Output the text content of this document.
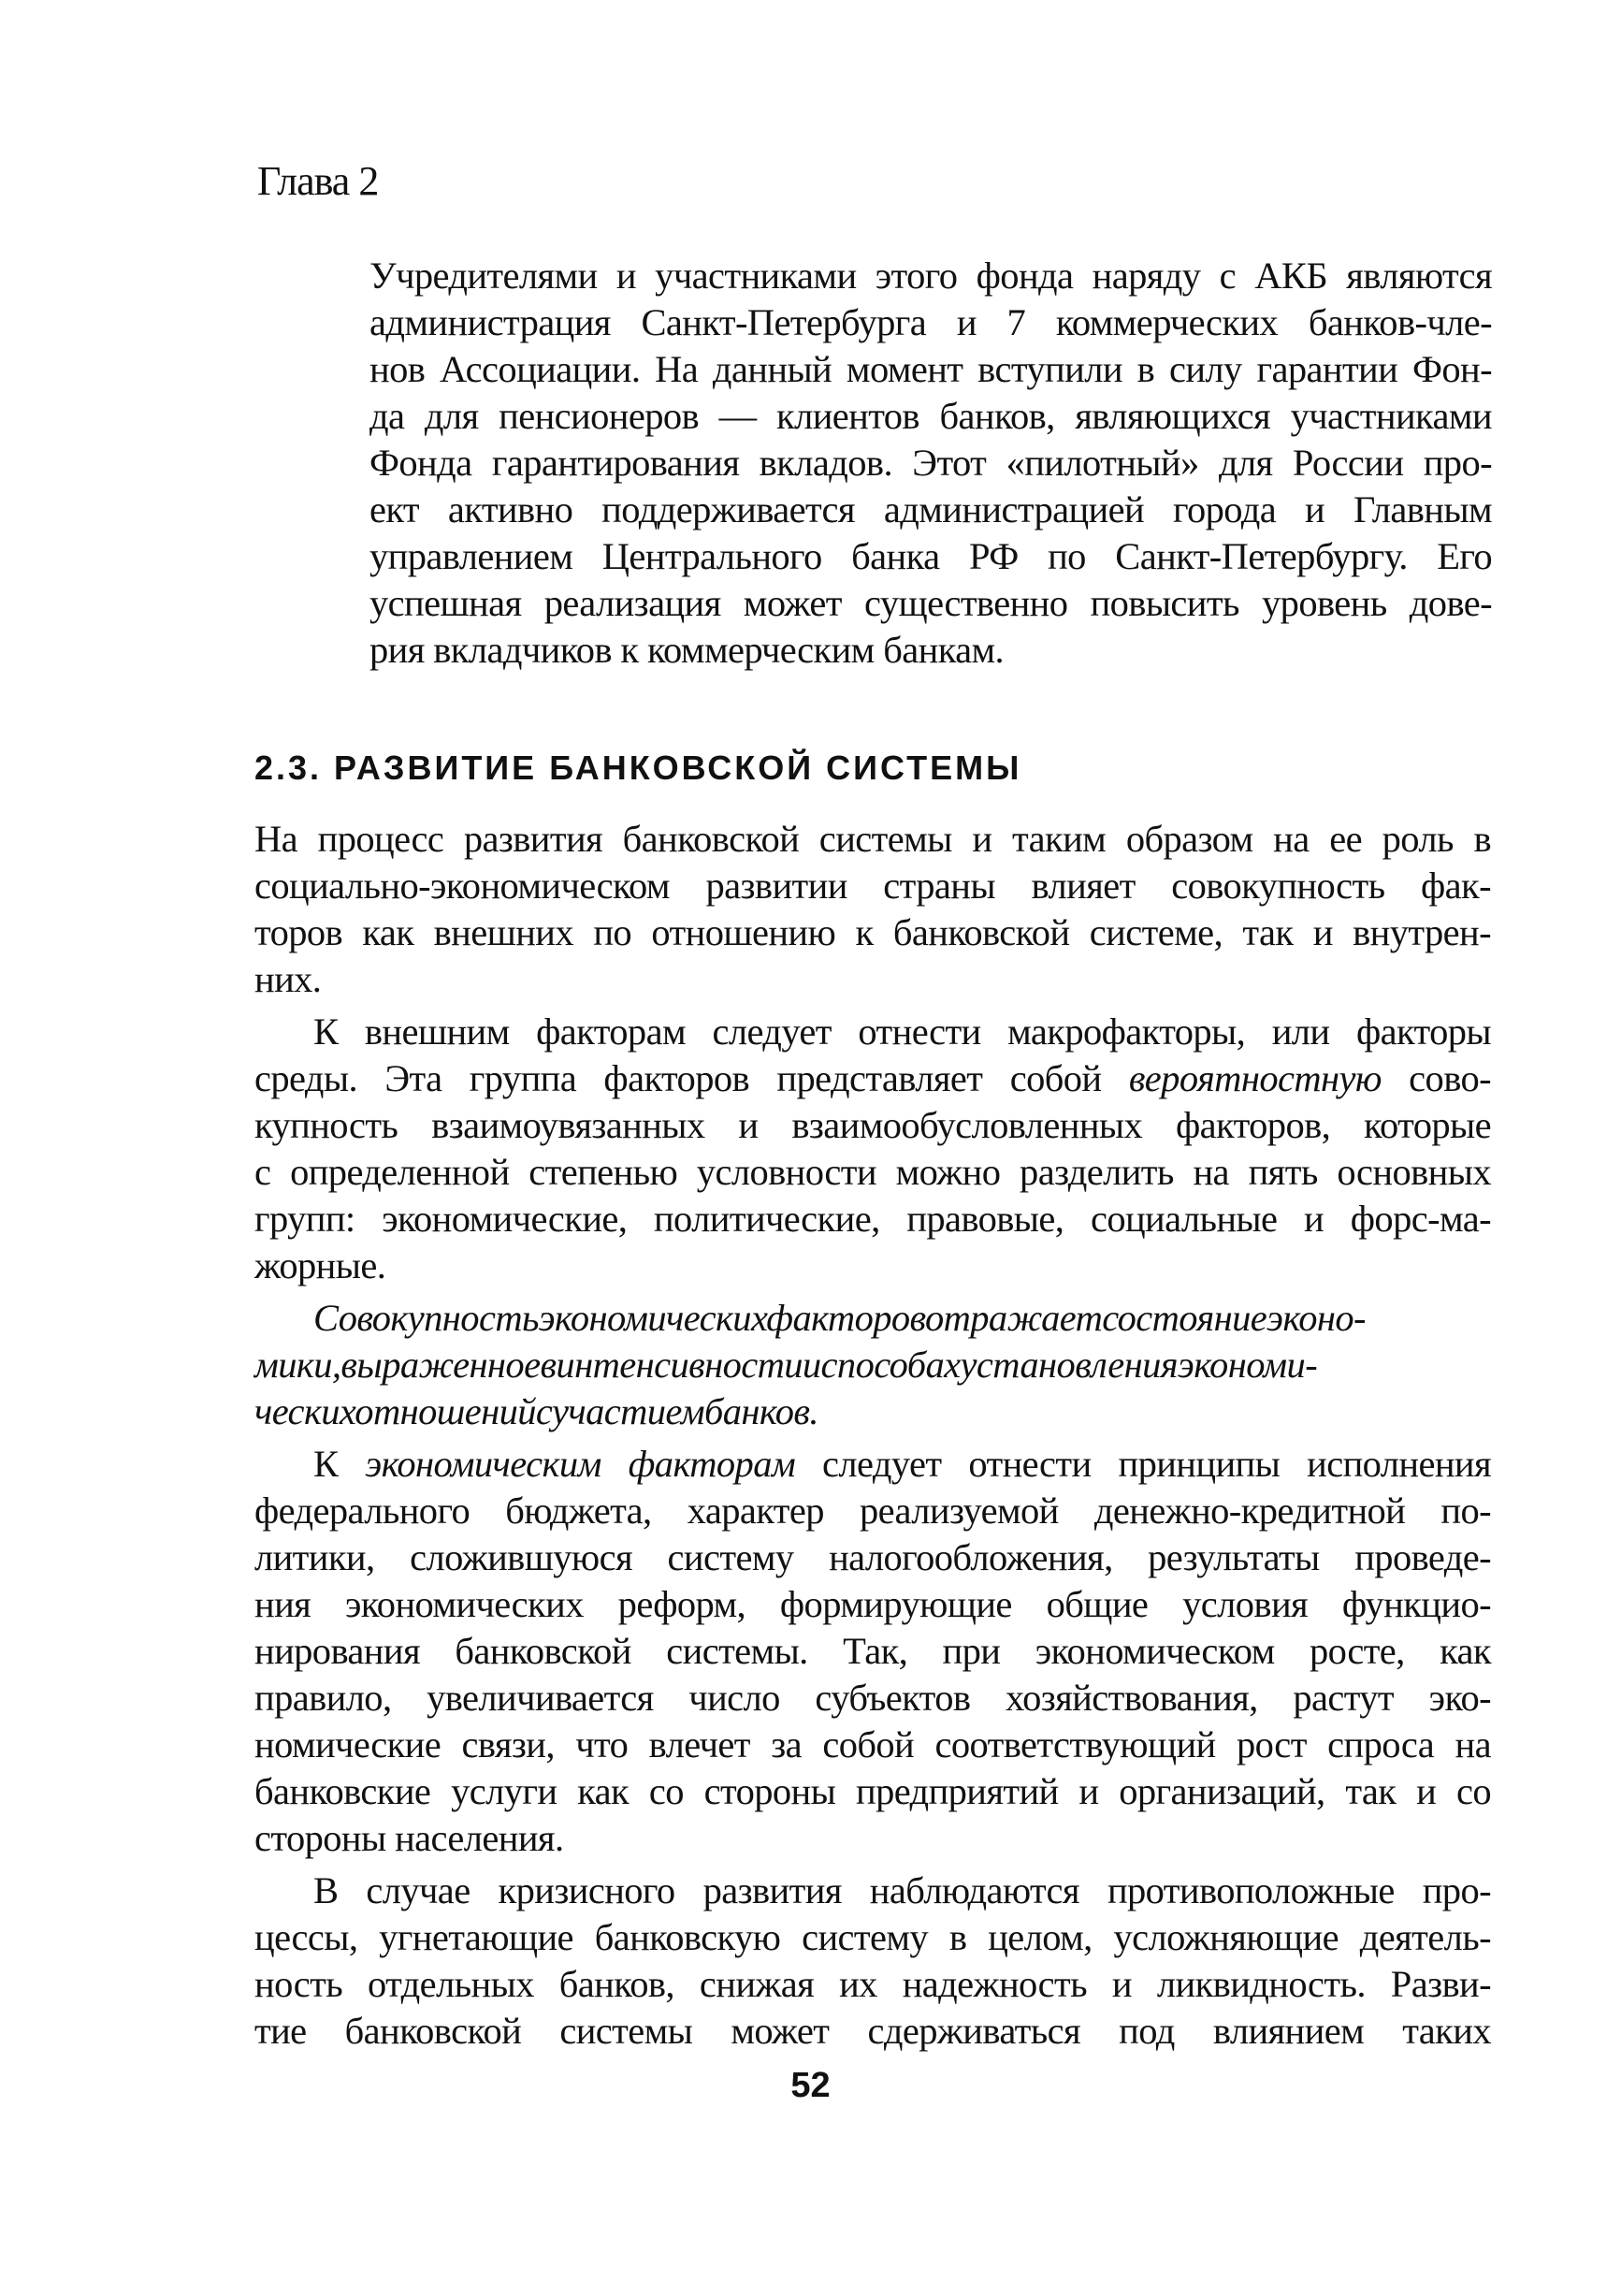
Глава 2
Учредителями и участниками этого фонда наряду с АКБ являются
администрация Санкт-Петербурга и 7 коммерческих банков-чле-
нов Ассоциации. На данный момент вступили в силу гарантии Фон-
да для пенсионеров — клиентов банков, являющихся участниками
Фонда гарантирования вкладов. Этот «пилотный» для России про-
ект активно поддерживается администрацией города и Главным
управлением Центрального банка РФ по Санкт-Петербургу. Его
успешная реализация может существенно повысить уровень дове-
рия вкладчиков к коммерческим банкам.
2.3. РАЗВИТИЕ БАНКОВСКОЙ СИСТЕМЫ
На процесс развития банковской системы и таким образом на ее роль в
социально-экономическом развитии страны влияет совокупность фак-
торов как внешних по отношению к банковской системе, так и внутрен-
них.
К внешним факторам следует отнести макрофакторы, или факторы
среды. Эта группа факторов представляет собой вероятностную сово-
купность взаимоувязанных и взаимообусловленных факторов, которые
с определенной степенью условности можно разделить на пять основных
групп: экономические, политические, правовые, социальные и форс-ма-
жорные.
Совокупностьэкономическихфакторовотражаетсостояниеэконо-
мики,выраженноевинтенсивностииспособахустановленияэкономи-
ческихотношенийсучастиембанков.
К экономическим факторам следует отнести принципы исполнения
федерального бюджета, характер реализуемой денежно-кредитной по-
литики, сложившуюся систему налогообложения, результаты проведе-
ния экономических реформ, формирующие общие условия функцио-
нирования банковской системы. Так, при экономическом росте, как
правило, увеличивается число субъектов хозяйствования, растут эко-
номические связи, что влечет за собой соответствующий рост спроса на
банковские услуги как со стороны предприятий и организаций, так и со
стороны населения.
В случае кризисного развития наблюдаются противоположные про-
цессы, угнетающие банковскую систему в целом, усложняющие деятель-
ность отдельных банков, снижая их надежность и ликвидность. Разви-
тие банковской системы может сдерживаться под влиянием таких
52
